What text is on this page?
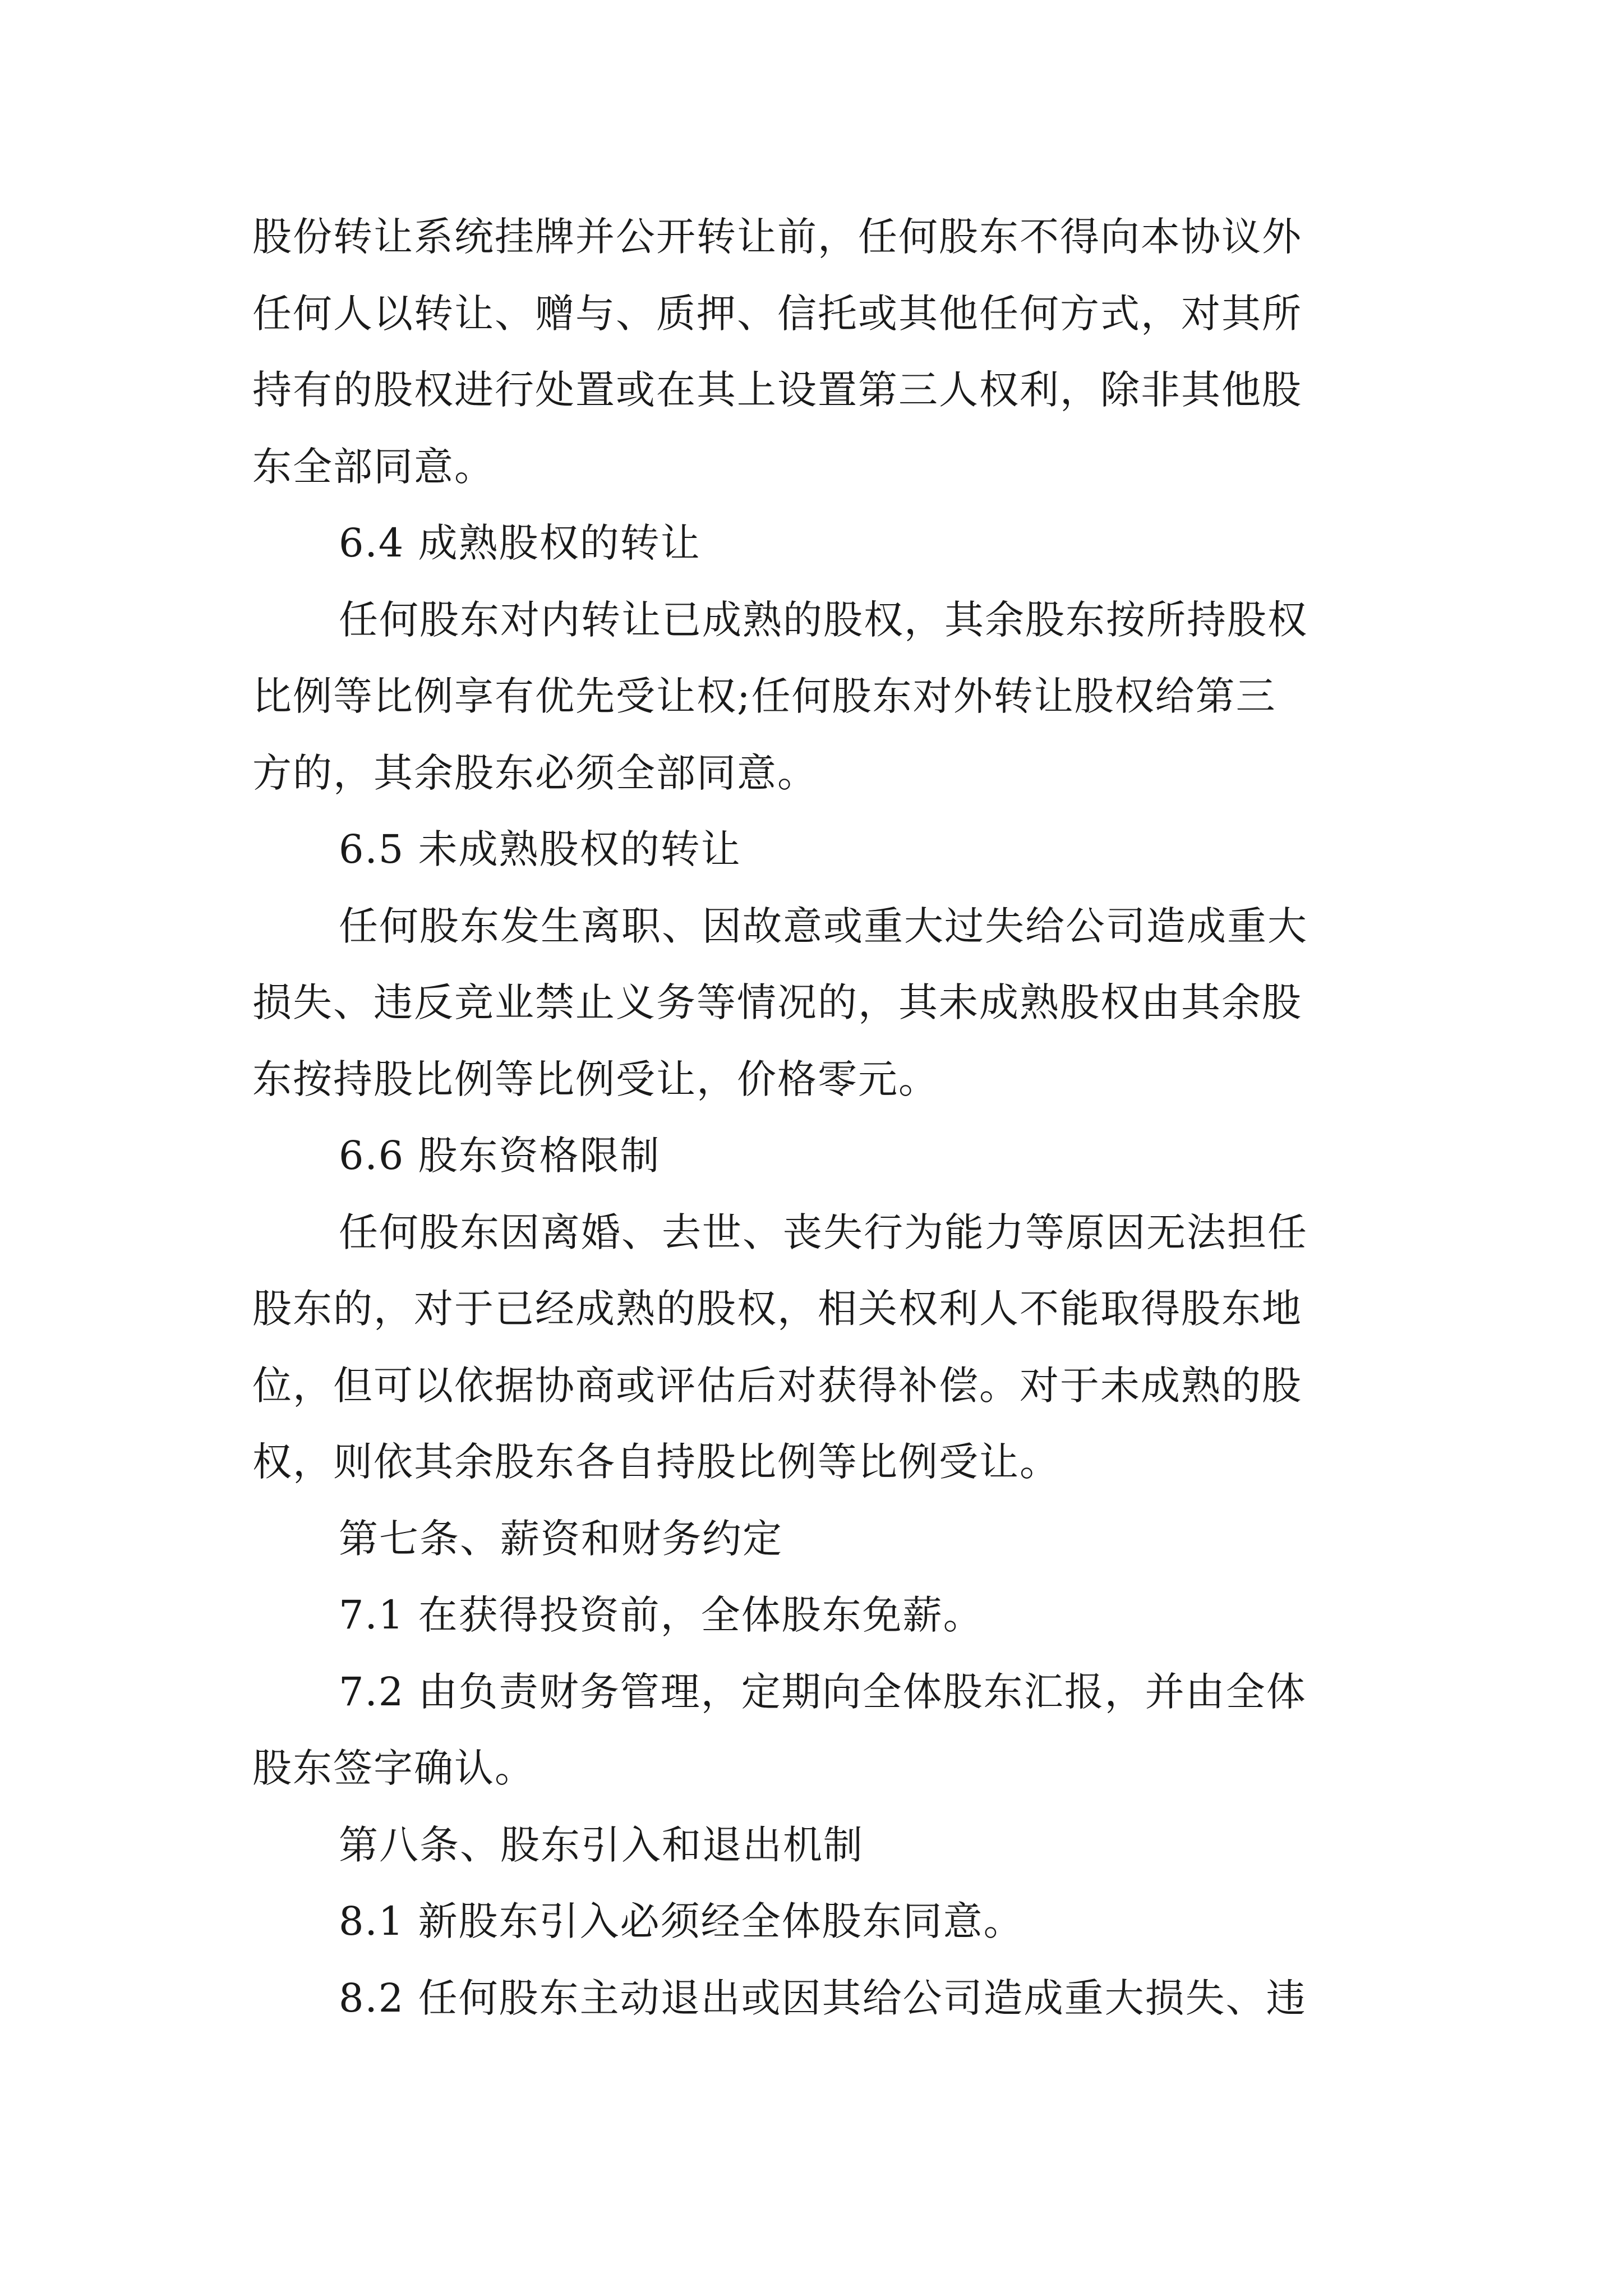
股份转让系统挂牌并公开转让前，任何股东不得向本协议外
任何人以转让、赠与、质押、信托或其他任何方式，对其所
持有的股权进行处置或在其上设置第三人权利，除非其他股
东全部同意。
6.4 成熟股权的转让
任何股东对内转让已成熟的股权，其余股东按所持股权
比例等比例享有优先受让权;任何股东对外转让股权给第三
方的，其余股东必须全部同意。
6.5 未成熟股权的转让
任何股东发生离职、因故意或重大过失给公司造成重大
损失、违反竞业禁止义务等情况的，其未成熟股权由其余股
东按持股比例等比例受让，价格零元。
6.6 股东资格限制
任何股东因离婚、去世、丧失行为能力等原因无法担任
股东的，对于已经成熟的股权，相关权利人不能取得股东地
位，但可以依据协商或评估后对获得补偿。对于未成熟的股
权，则依其余股东各自持股比例等比例受让。
第七条、薪资和财务约定
7.1 在获得投资前，全体股东免薪。
7.2 由负责财务管理，定期向全体股东汇报，并由全体
股东签字确认。
第八条、股东引入和退出机制
8.1 新股东引入必须经全体股东同意。
8.2 任何股东主动退出或因其给公司造成重大损失、违
